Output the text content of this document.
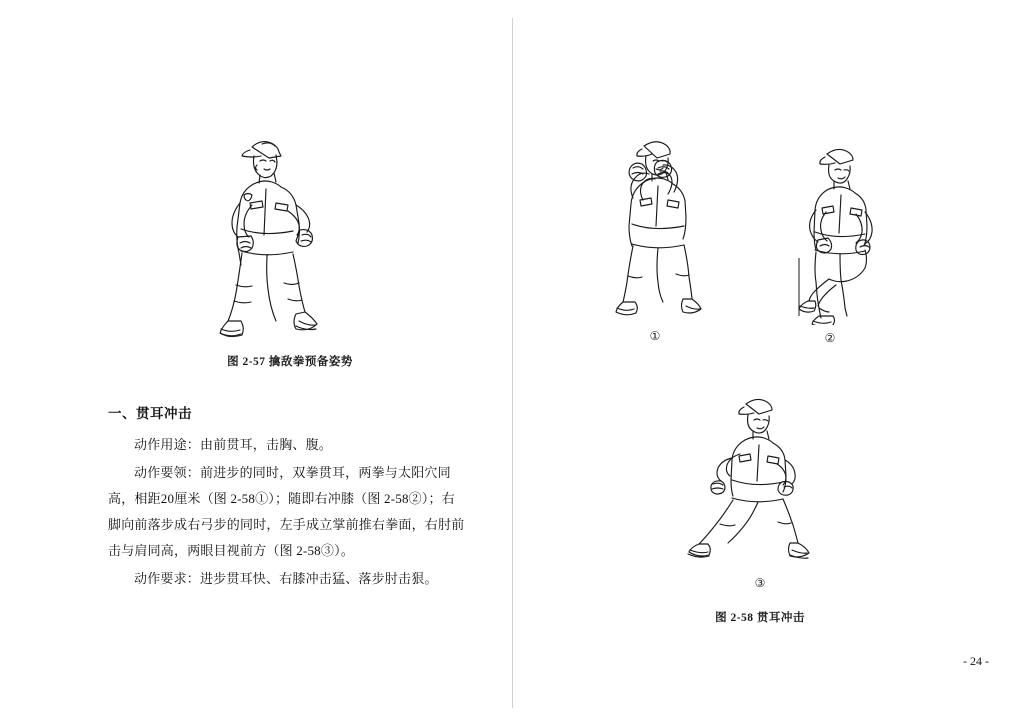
图 2-57 擒敌拳预备姿势
①	②
③
图 2-58 贯耳冲击
一、贯耳冲击

动作用途：由前贯耳，击胸、腹。

动作要领：前进步的同时，双拳贯耳，两拳与太阳穴同高，相距20厘米（图 2-58①）；随即右冲膝（图 2-58②）；右脚向前落步成右弓步的同时，左手成立掌前推右拳面，右肘前击与肩同高，两眼目视前方（图 2-58③）。

动作要求：进步贯耳快、右膝冲击猛、落步肘击狠。

- 24 -
